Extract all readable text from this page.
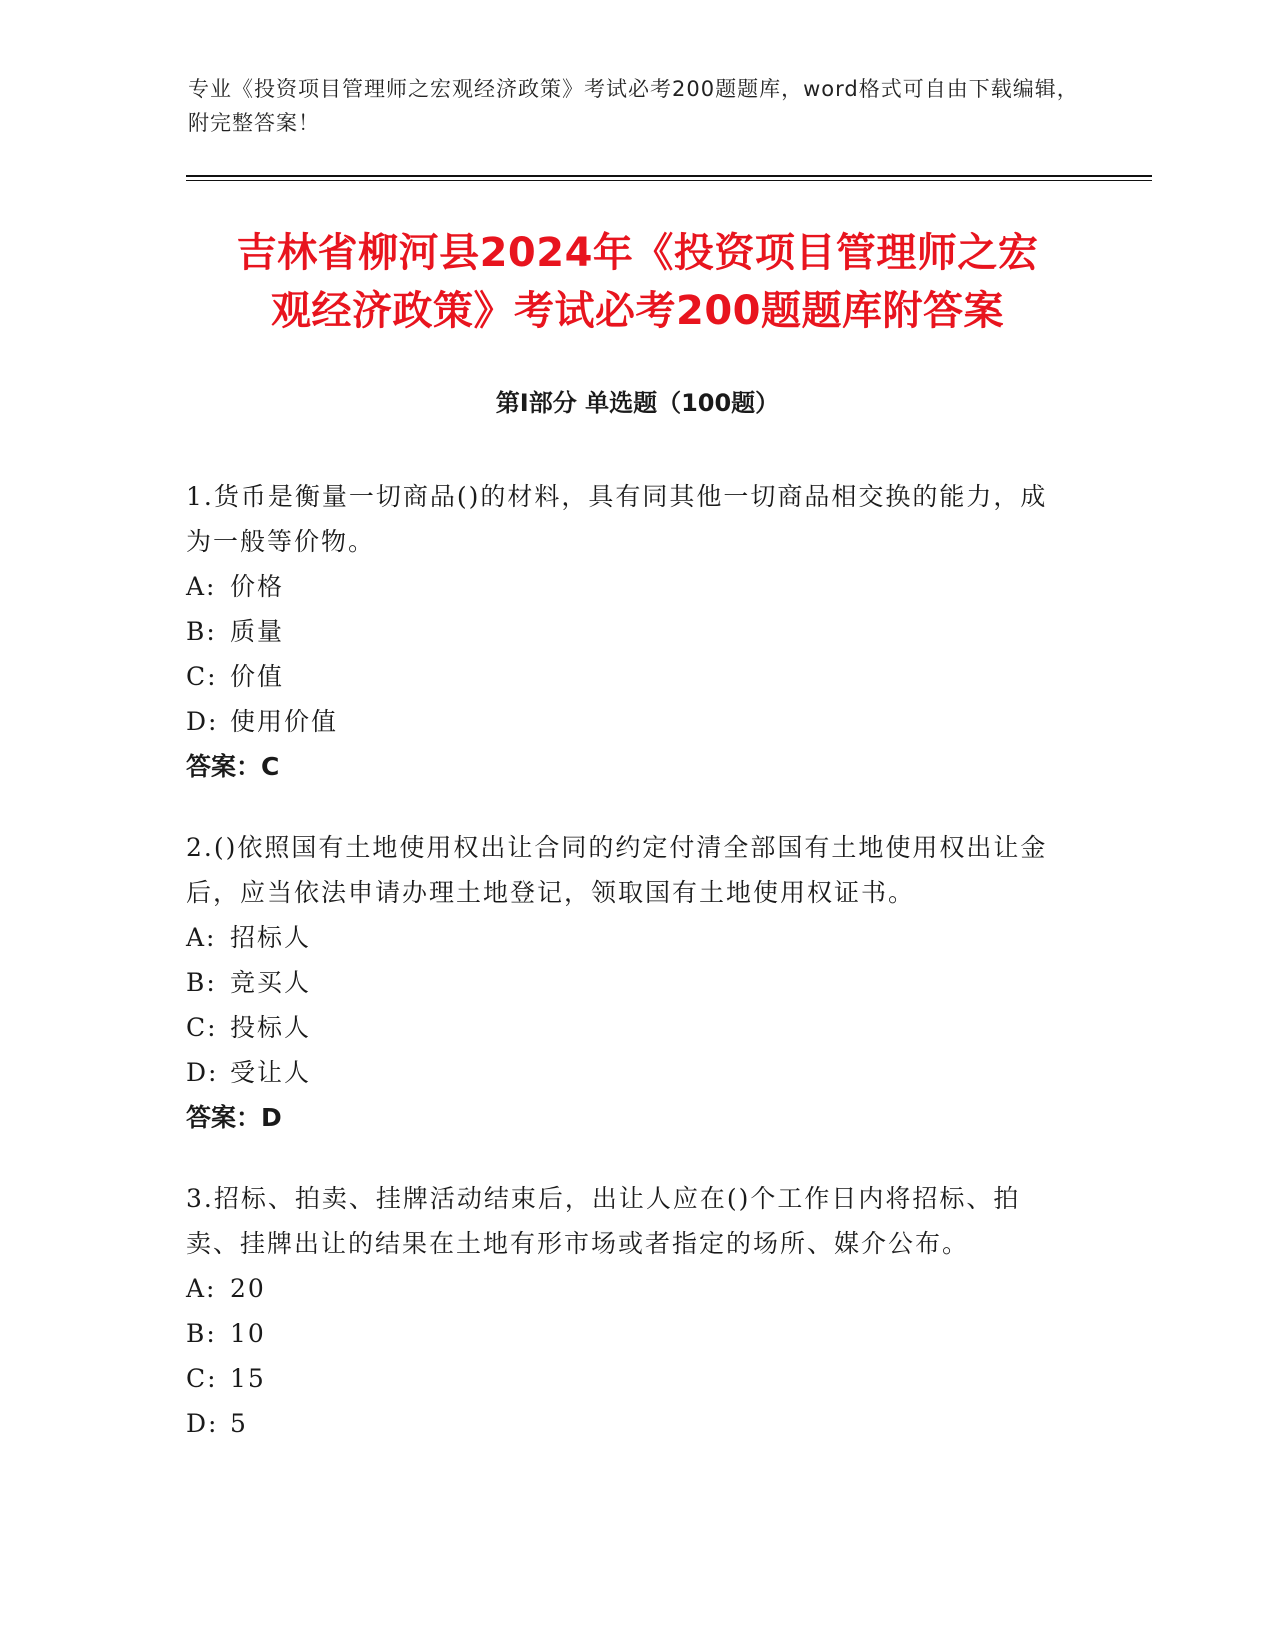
专业《投资项目管理师之宏观经济政策》考试必考200题题库，word格式可自由下载编辑，附完整答案！
吉林省柳河县2024年《投资项目管理师之宏
观经济政策》考试必考200题题库附答案
第Ⅰ部分 单选题（100题）
1.货币是衡量一切商品()的材料，具有同其他一切商品相交换的能力，成为一般等价物。
A: 价格
B: 质量
C: 价值
D: 使用价值
答案：C
2.()依照国有土地使用权出让合同的约定付清全部国有土地使用权出让金后，应当依法申请办理土地登记，领取国有土地使用权证书。
A: 招标人
B: 竞买人
C: 投标人
D: 受让人
答案：D
3.招标、拍卖、挂牌活动结束后，出让人应在()个工作日内将招标、拍卖、挂牌出让的结果在土地有形市场或者指定的场所、媒介公布。
A: 20
B: 10
C: 15
D: 5
